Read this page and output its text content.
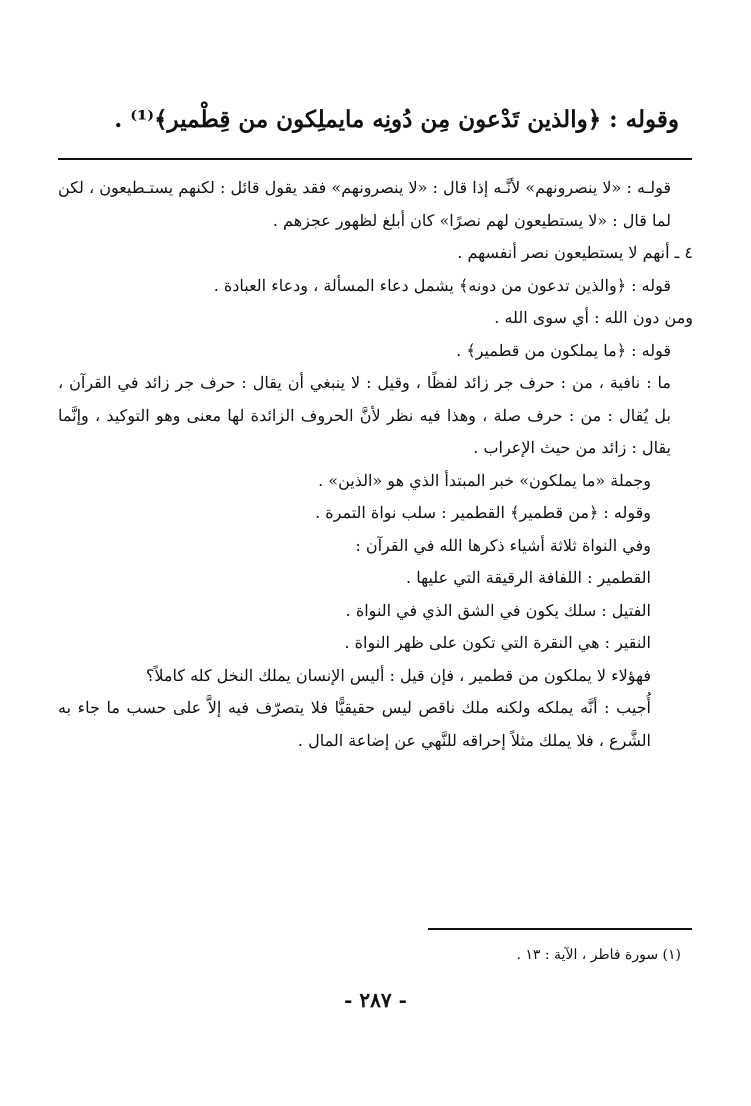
وقوله : ﴿والذين تَدْعون مِن دُونِه مايملِكون من قِطْمير﴾⁽¹⁾ .

قولـه : «لا ينصرونهم» لأنَّـه إذا قال : «لا ينصرونهم» فقد يقول قائل : لكنهم يستـطيعون ، لكن لما قال : «لا يستطيعون لهم نصرًا» كان أبلغ لظهور عجزهم .

٤ ـ أنهم لا يستطيعون نصر أنفسهم .

قوله : ﴿والذين تدعون من دونه﴾ يشمل دعاء المسألة ، ودعاء العبادة .

ومن دون الله : أي سوى الله .

قوله : ﴿ما يملكون من قطمير﴾ .

ما : نافية ، من : حرف جر زائد لفظًا ، وقيل : لا ينبغي أن يقال : حرف جر زائد في القرآن ، بل يُقال : من : حرف صلة ، وهذا فيه نظر لأنَّ الحروف الزائدة لها معنى وهو التوكيد ، وإنَّما يقال : زائد من حيث الإعراب .

وجملة «ما يملكون» خبر المبتدأ الذي هو «الذين» .

وقوله : ﴿من قطمير﴾ القطمير : سلب نواة التمرة .

وفي النواة ثلاثة أشياء ذكرها الله في القرآن :

القطمير : اللفافة الرقيقة التي عليها .

الفتيل : سلك يكون في الشق الذي في النواة .

النقير : هي النقرة التي تكون على ظهر النواة .

فهؤلاء لا يملكون من قطمير ، فإن قيل : أليس الإنسان يملك النخل كله كاملاً؟

أُجيب : أنَّه يملكه ولكنه ملك ناقص ليس حقيقيًّا فلا يتصرّف فيه إلاَّ على حسب ما جاء به الشَّرع ، فلا يملك مثلاً إحراقه للنَّهي عن إضاعة المال .

(١) سورة فاطر ، الآية : ١٣ .
- ٢٨٧ -
